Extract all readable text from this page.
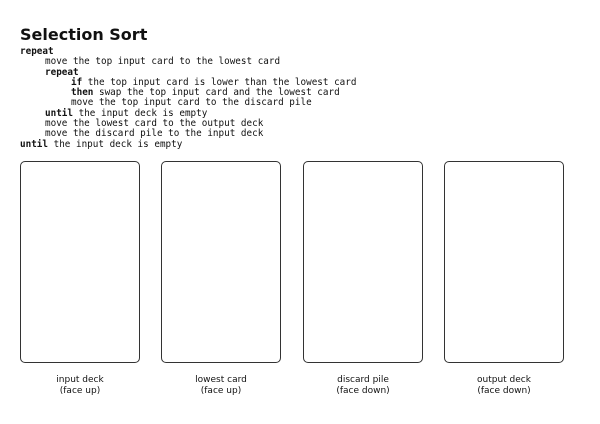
Selection Sort
repeat
move the top input card to the lowest card
repeat
if the top input card is lower than the lowest card
then swap the top input card and the lowest card
move the top input card to the discard pile
until the input deck is empty
move the lowest card to the output deck
move the discard pile to the input deck
until the input deck is empty
input deck
(face up)
lowest card
(face up)
discard pile
(face down)
output deck
(face down)
